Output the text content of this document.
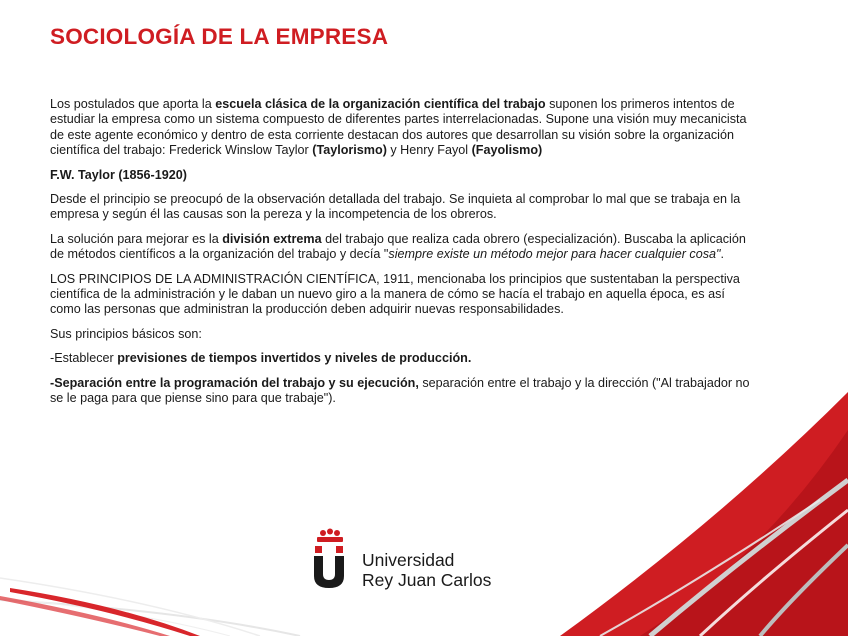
SOCIOLOGÍA DE LA EMPRESA

Los postulados que aporta la escuela clásica de la organización científica del trabajo suponen los primeros intentos de estudiar la empresa como un sistema compuesto de diferentes partes interrelacionadas. Supone una visión muy mecanicista de este agente económico y dentro de esta corriente destacan dos autores que desarrollan su visión sobre la organización científica del trabajo: Frederick Winslow Taylor (Taylorismo) y Henry Fayol (Fayolismo)

F.W. Taylor (1856-1920)

Desde el principio se preocupó de la observación detallada del trabajo. Se inquieta al comprobar lo mal que se trabaja en la empresa y según él las causas son la pereza y la incompetencia de los obreros.

La solución para mejorar es la división extrema del trabajo que realiza cada obrero (especialización). Buscaba la aplicación de métodos científicos a la organización del trabajo y decía "siempre existe un método mejor para hacer cualquier cosa".

LOS PRINCIPIOS DE LA ADMINISTRACIÓN CIENTÍFICA, 1911, mencionaba los principios que sustentaban la perspectiva científica de la administración y le daban un nuevo giro a la manera de cómo se hacía el trabajo en aquella época, es así como las personas que administran la producción deben adquirir nuevas responsabilidades.

Sus principios básicos son:

-Establecer previsiones de tiempos invertidos y niveles de producción.

-Separación entre la programación del trabajo y su ejecución, separación entre el trabajo y la dirección ("Al trabajador no se le paga para que piense sino para que trabaje").

Universidad
Rey Juan Carlos
